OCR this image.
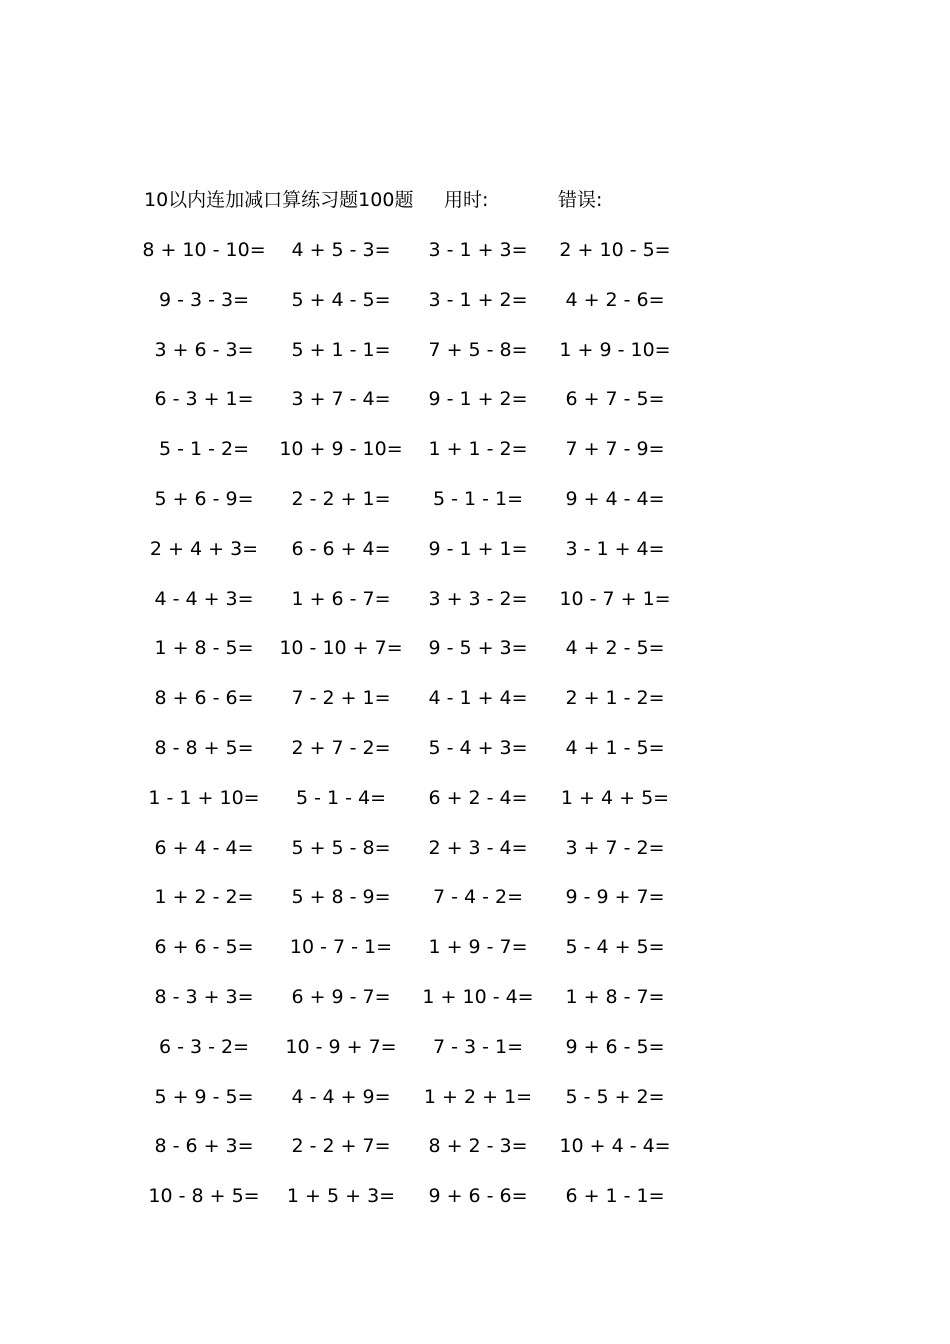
10以内连加减口算练习题100题 用时:	错误:
8 + 10 - 10=	4 + 5 - 3=	3 - 1 + 3=	2 + 10 - 5=
9 - 3 - 3=	5 + 4 - 5=	3 - 1 + 2=	4 + 2 - 6=
3 + 6 - 3=	5 + 1 - 1=	7 + 5 - 8=	1 + 9 - 10=
6 - 3 + 1=	3 + 7 - 4=	9 - 1 + 2=	6 + 7 - 5=
5 - 1 - 2=	10 + 9 - 10=	1 + 1 - 2=	7 + 7 - 9=
5 + 6 - 9=	2 - 2 + 1=	5 - 1 - 1=	9 + 4 - 4=
2 + 4 + 3=	6 - 6 + 4=	9 - 1 + 1=	3 - 1 + 4=
4 - 4 + 3=	1 + 6 - 7=	3 + 3 - 2=	10 - 7 + 1=
1 + 8 - 5=	10 - 10 + 7=	9 - 5 + 3=	4 + 2 - 5=
8 + 6 - 6=	7 - 2 + 1=	4 - 1 + 4=	2 + 1 - 2=
8 - 8 + 5=	2 + 7 - 2=	5 - 4 + 3=	4 + 1 - 5=
1 - 1 + 10=	5 - 1 - 4=	6 + 2 - 4=	1 + 4 + 5=
6 + 4 - 4=	5 + 5 - 8=	2 + 3 - 4=	3 + 7 - 2=
1 + 2 - 2=	5 + 8 - 9=	7 - 4 - 2=	9 - 9 + 7=
6 + 6 - 5=	10 - 7 - 1=	1 + 9 - 7=	5 - 4 + 5=
8 - 3 + 3=	6 + 9 - 7=	1 + 10 - 4=	1 + 8 - 7=
6 - 3 - 2=	10 - 9 + 7=	7 - 3 - 1=	9 + 6 - 5=
5 + 9 - 5=	4 - 4 + 9=	1 + 2 + 1=	5 - 5 + 2=
8 - 6 + 3=	2 - 2 + 7=	8 + 2 - 3=	10 + 4 - 4=
10 - 8 + 5=	1 + 5 + 3=	9 + 6 - 6=	6 + 1 - 1=
